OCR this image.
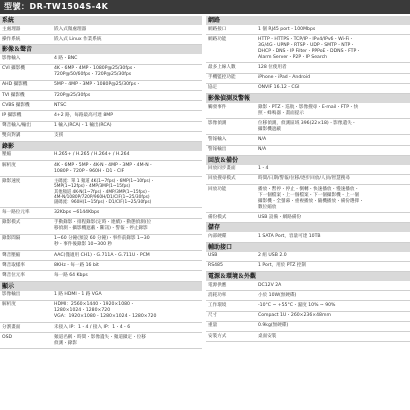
型號：DR-TW1504S-4K
系統
主處理器	嵌入式微處理器
操作系統	嵌入式 Linux 作業系統
影像＆聲音
影像輸入	4 路・BNC
CVI 攝影機	4K・6MP・4MP・1080P@25/30fps・
720P@50/60fps・720P@25/30fps
AHD 攝影機	5MP・4MP・3MP・1080P@25/30fps・
TVI 攝影機	720P@25/30fps
CVBS 攝影機	NTSC
IP 攝影機	4+2 路，每路最高可達 8MP
聲音輸入/輸出	1 輸入(RCA)・1 輸出(RCA)
雙向對講	支援
錄影
壓縮	H.265+ / H.265 / H.264+ / H.264
解析度	4K・6MP・5MP・4K-N・4MP・3MP・4M-N・
1080P・720P・960H・D1・CIF
錄影速度	主碼流：單 1 頻道 4K(1~7fps)・6MP(1~10fps)・
5MP(1~12fps)・4MP/3MP(1~15fps)
其他頻道 4K-N(1~7fps)・4MP/3MP(1~15fps)・
4M-N/1080P/720P/960H/D1/CIF(1~25/30fps)
副碼流：960H(1~15fps)・D1/CIF(1~25/30fps)
每一路位元率	32Kbps ~6144Kbps
錄影模式	手動錄影・排程錄影(定時・連續)・動態偵測(位
移偵測・攝影機遮蔽・斷訊)・警報・停止錄影
錄影間隔	1~60 分鐘(預設 60 分鐘)・事件前錄影 1~30
秒・事件後錄影 10~300 秒
聲音壓縮	AAC(僅適用 CH1)・G.711A・G.711U・PCM
聲音取樣率	8KHz・每一路 16 bit
聲音位元率	每一路 64 Kbps
顯示
影像輸出	1 路 HDMI・1 路 VGA
解析度	HDMI：2560×1440・1920×1080・
1280×1024・1280×720
VGA：1920×1080・1280×1024・1280×720
分割畫面	未接入 IP：1・4 / 接入 IP：1・4・6
OSD	頻道名稱・時間・影像遺失・頻道鎖定・位移
偵測・錄影
網路
網路接口	1 個 RJ45 port・100Mbps
網路功能	HTTP・HTTPS・TCP/IP・IPv4/IPv6・Wi-Fi・
3G/4G・UPNP・RTSP・UDP・SMTP・NTP・
DHCP・DNS・IP Filter・PPPoE・DDNS・FTP・
Alarm Server・P2P・IP Search
最多上線人數	128 位使用者
手機監控功能	iPhone・iPad・Android
協定	ONVIF 16.12・CGI
影像偵測及警報
觸發事件	錄影・PTZ・巡航・影像搜尋・E-mail・FTP・快
照・蜂鳴器・畫面提示
影像偵測	位移偵測，偵測區域 396(22×18)・影像遺失・
攝影機遮蔽
警報輸入	N/A
警報輸出	N/A
回放＆備份
回放同步畫面	1・4
回放搜尋模式	時間/日期/警報/位移/逐步回放/人員/智慧搜尋
回放功能	播放・暫停・停止・倒轉・快速播放・慢速播放・
下一個檔案・上一個檔案・下一個攝影機・上一個
攝影機・全螢幕・重複播放・隨機播放・備份選擇・
數位縮放
備份模式	USB 設備・網路備份
儲存
內部硬碟	1 SATA Port，容量可達 10TB
輔助接口
USB	2 組 USB 2.0
RS485	1 Port，用於 PTZ 控制
電源＆環境＆外觀
電源供應	DC12V 2A
消耗功率	小於 10W(無硬碟)
工作環境	-10°C ~ +55°C・濕度 10% ~ 90%
尺寸	Compact 1U・260×236×48mm
重量	0.9kg(無硬碟)
安裝方式	桌面安裝
